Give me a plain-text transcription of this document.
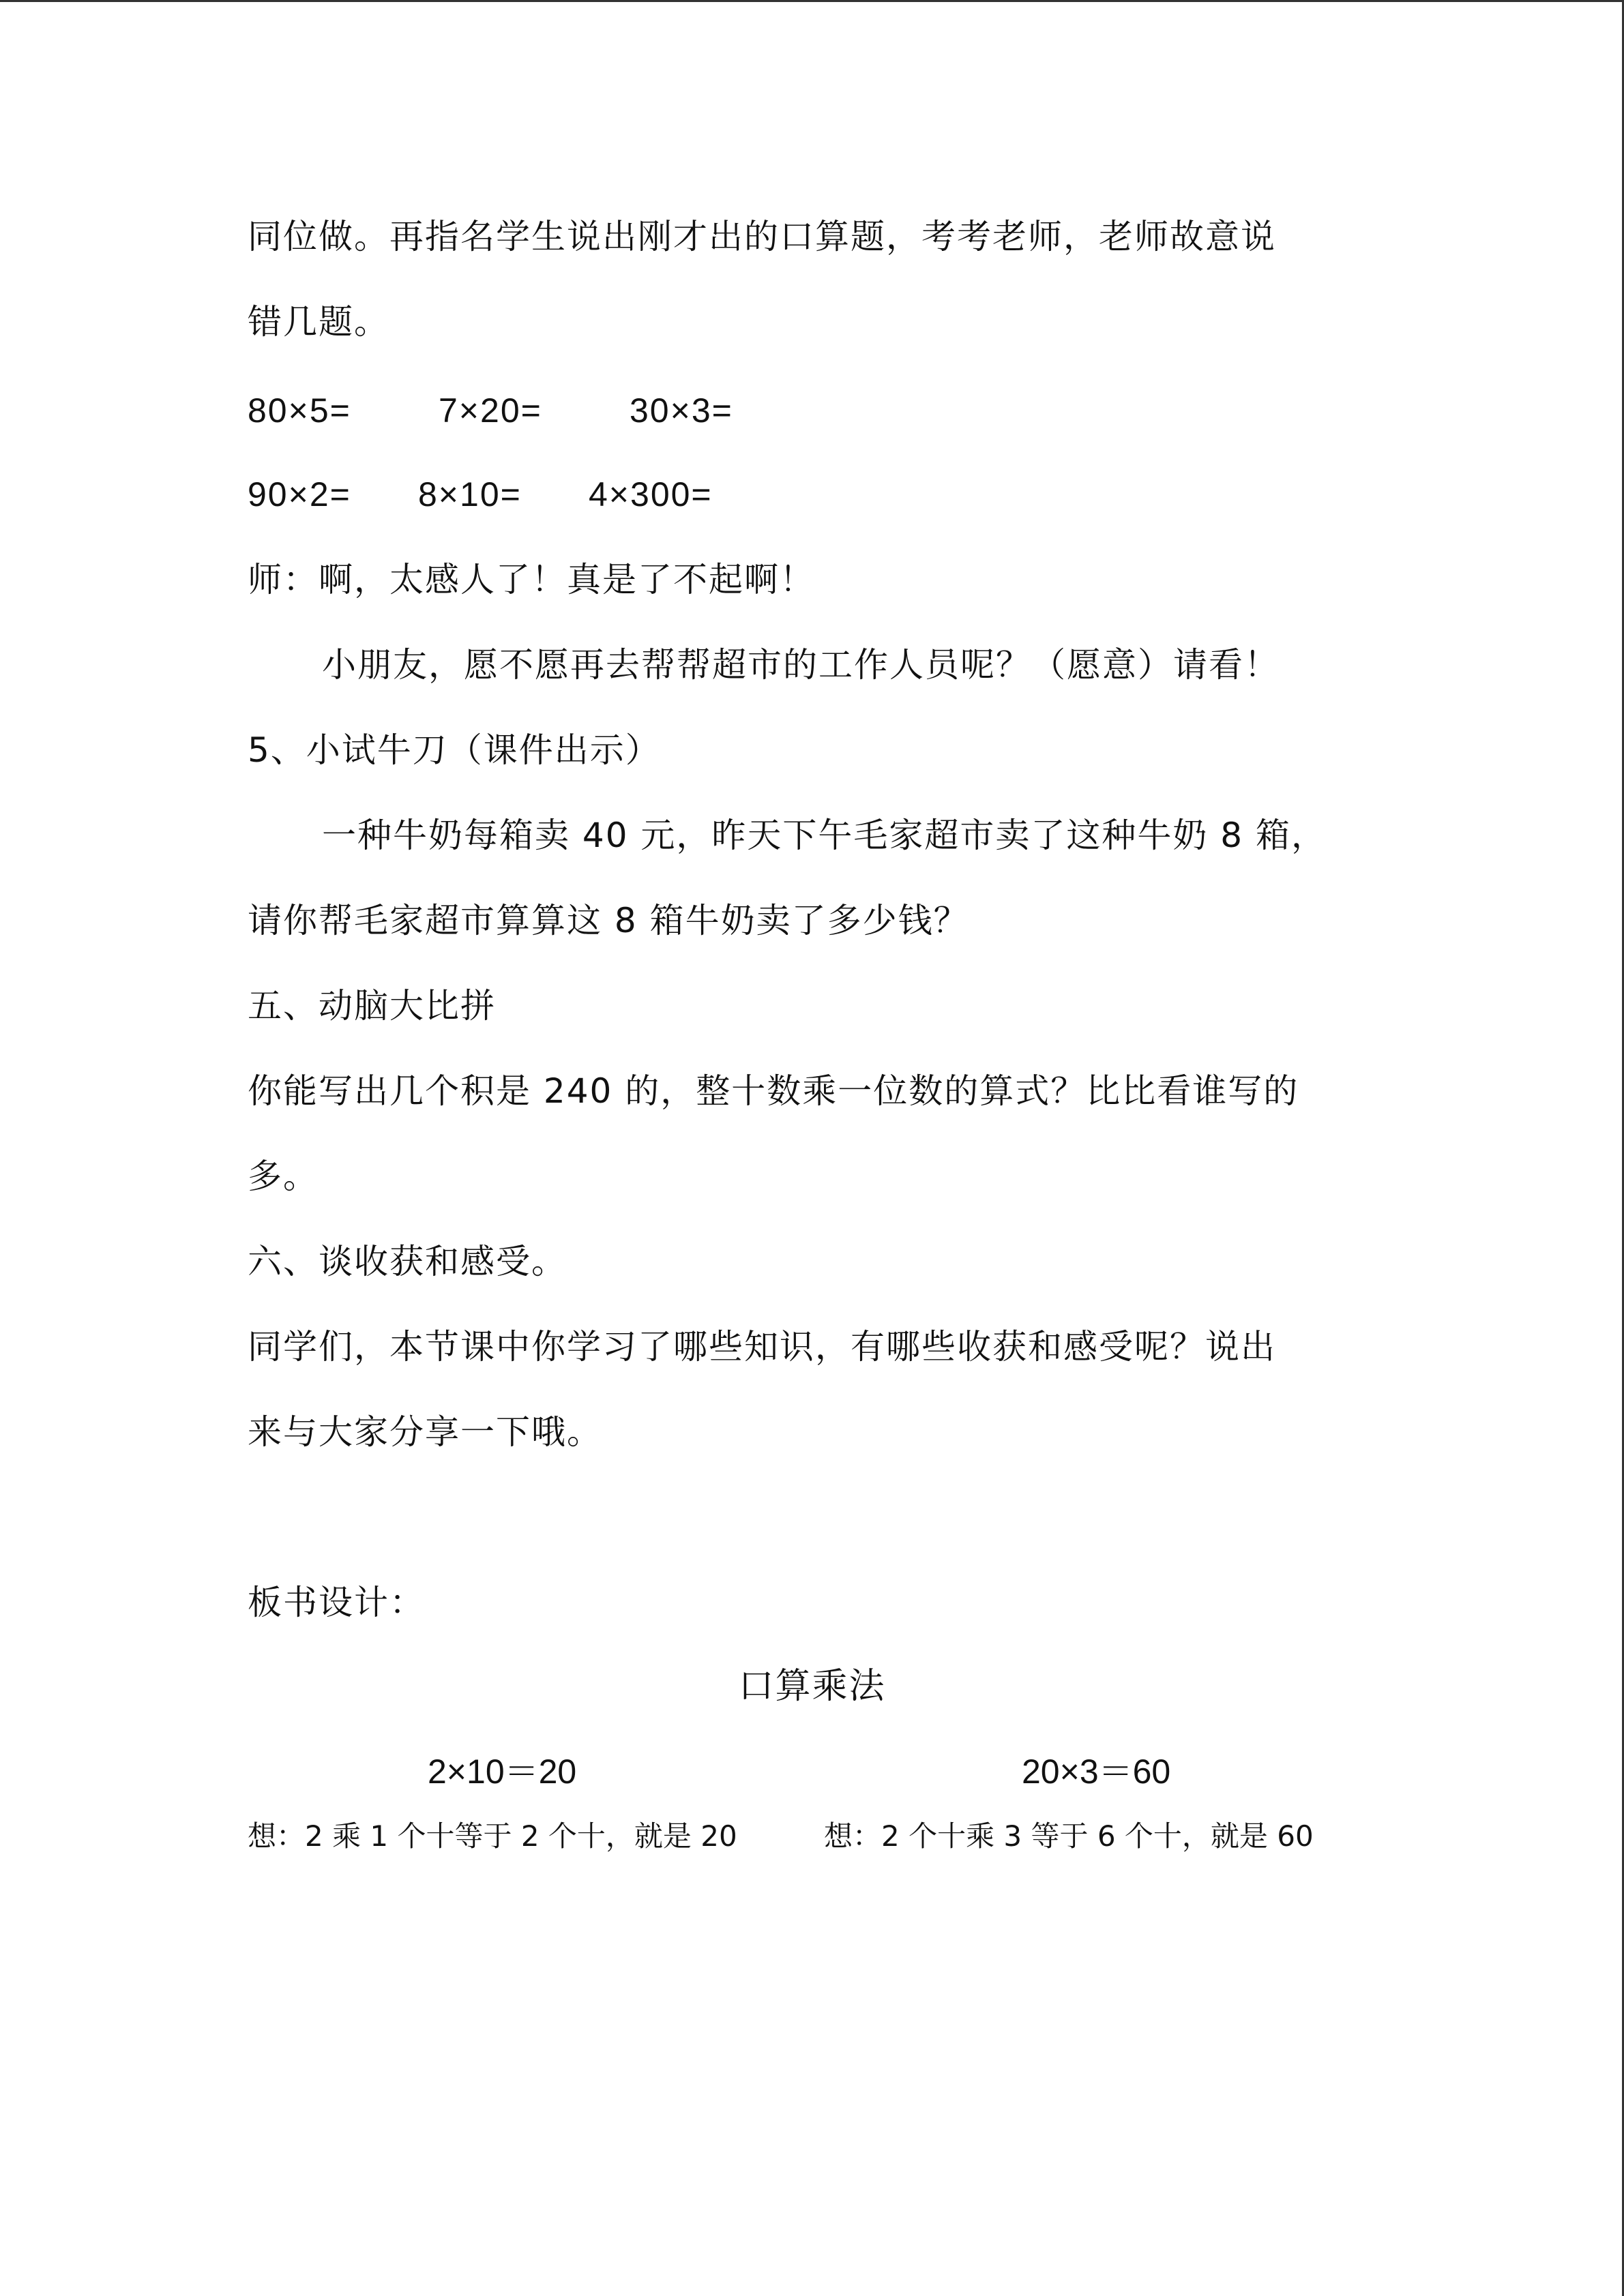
同位做。再指名学生说出刚才出的口算题，考考老师，老师故意说
错几题。
80×5=	7×20=	30×3=
90×2= 8×10= 4×300=
师：啊，太感人了！真是了不起啊！
小朋友，愿不愿再去帮帮超市的工作人员呢？（愿意）请看！
5、小试牛刀（课件出示）
一种牛奶每箱卖 40 元，昨天下午毛家超市卖了这种牛奶 8 箱，
请你帮毛家超市算算这 8 箱牛奶卖了多少钱？
五、动脑大比拼
你能写出几个积是 240 的，整十数乘一位数的算式？比比看谁写的
多。
六、谈收获和感受。
同学们，本节课中你学习了哪些知识，有哪些收获和感受呢？说出
来与大家分享一下哦。
板书设计：
口算乘法
2×10＝20	20×3＝60
想：2 乘 1 个十等于 2 个十，就是 20	想：2 个十乘 3 等于 6 个十，就是 60
